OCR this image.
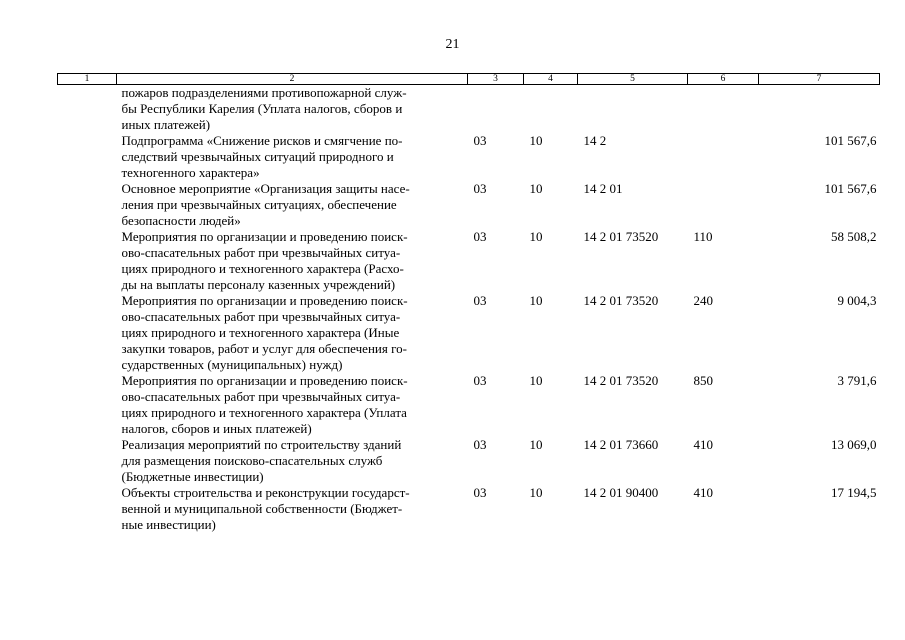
21
1	2	3	4	5	6	7
	пожаров подразделениями противопожарной служ-
бы Республики Карелия (Уплата налогов, сборов и
иных платежей)					
	Подпрограмма «Снижение рисков и смягчение по-
следствий чрезвычайных ситуаций природного и
техногенного характера»	03	10	14 2		101 567,6
	Основное мероприятие «Организация защиты насе-
ления при чрезвычайных ситуациях, обеспечение
безопасности людей»	03	10	14 2 01		101 567,6
	Мероприятия по организации и проведению поиск-
ово-спасательных работ при чрезвычайных ситуа-
циях природного и техногенного характера (Расхо-
ды на выплаты персоналу казенных учреждений)	03	10	14 2 01 73520	110	58 508,2
	Мероприятия по организации и проведению поиск-
ово-спасательных работ при чрезвычайных ситуа-
циях природного и техногенного характера (Иные
закупки товаров, работ и услуг для обеспечения го-
сударственных (муниципальных) нужд)	03	10	14 2 01 73520	240	9 004,3
	Мероприятия по организации и проведению поиск-
ово-спасательных работ при чрезвычайных ситуа-
циях природного и техногенного характера (Уплата
налогов, сборов и иных платежей)	03	10	14 2 01 73520	850	3 791,6
	Реализация мероприятий по строительству зданий
для размещения поисково-спасательных служб
(Бюджетные инвестиции)	03	10	14 2 01 73660	410	13 069,0
	Объекты строительства и реконструкции государст-
венной и муниципальной собственности (Бюджет-
ные инвестиции)	03	10	14 2 01 90400	410	17 194,5
